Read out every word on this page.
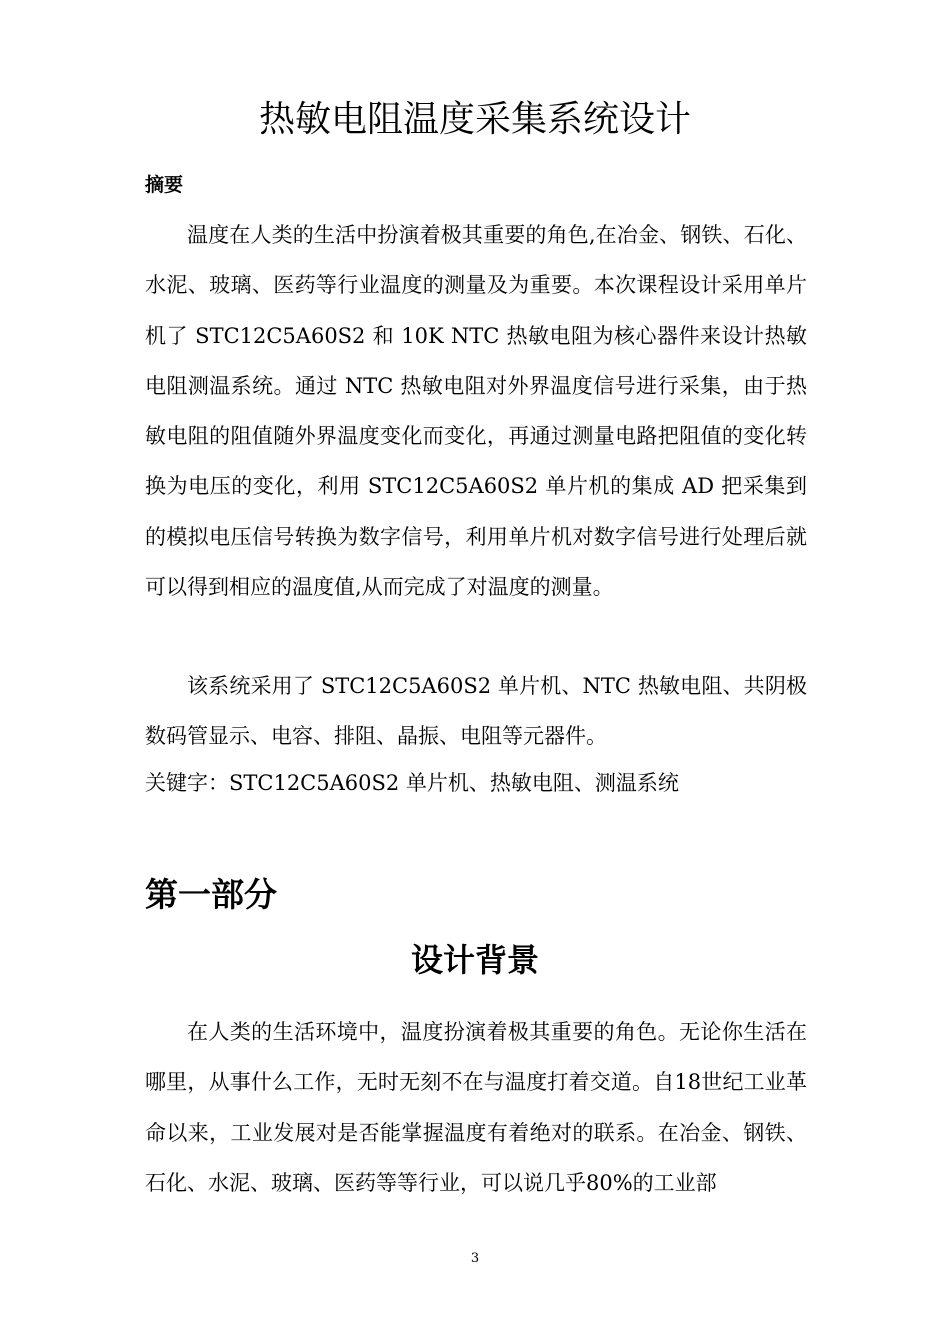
热敏电阻温度采集系统设计
摘要

温度在人类的生活中扮演着极其重要的角色,在冶金、钢铁、石化、水泥、玻璃、医药等行业温度的测量及为重要。本次课程设计采用单片机了 STC12C5A60S2 和 10K NTC 热敏电阻为核心器件来设计热敏电阻测温系统。通过 NTC 热敏电阻对外界温度信号进行采集，由于热敏电阻的阻值随外界温度变化而变化，再通过测量电路把阻值的变化转换为电压的变化，利用 STC12C5A60S2 单片机的集成 AD 把采集到的模拟电压信号转换为数字信号，利用单片机对数字信号进行处理后就可以得到相应的温度值,从而完成了对温度的测量。

该系统采用了 STC12C5A60S2 单片机、NTC 热敏电阻、共阴极数码管显示、电容、排阻、晶振、电阻等元器件。

关键字：STC12C5A60S2 单片机、热敏电阻、测温系统
第一部分
设计背景

在人类的生活环境中，温度扮演着极其重要的角色。无论你生活在哪里，从事什么工作，无时无刻不在与温度打着交道。自18世纪工业革命以来，工业发展对是否能掌握温度有着绝对的联系。在冶金、钢铁、石化、水泥、玻璃、医药等等行业，可以说几乎80%的工业部

3
